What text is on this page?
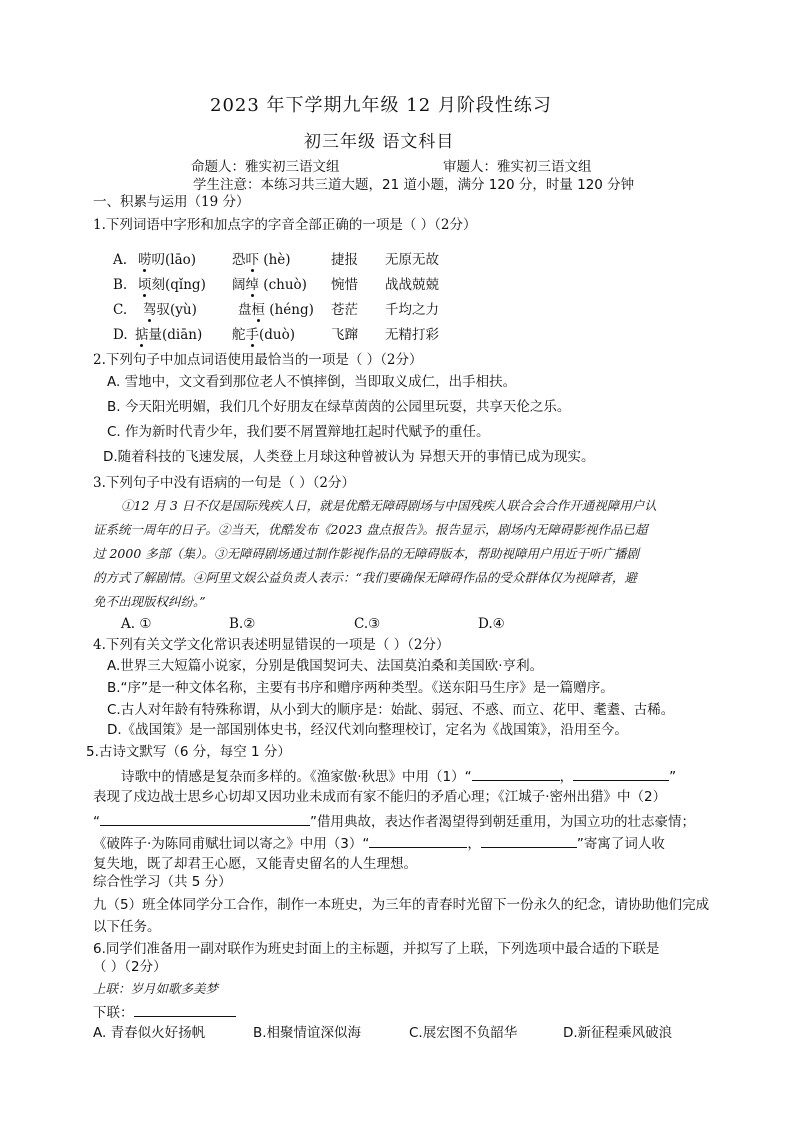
2023 年下学期九年级 12 月阶段性练习
初三年级 语文科目
命题人：雅实初三语文组	审题人：雅实初三语文组
学生注意：本练习共三道大题，21 道小题，满分 120 分，时量 120 分钟
一、积累与运用（19 分）
1.下列词语中字形和加点字的字音全部正确的一项是（ ）（2分）
A. 唠叨(lāo)	恐吓 (hè)	捷报 无原无故
B. 顷刻(qǐng) 阔绰 (chuò) 惋惜 战战兢兢
C. 驾驭(yù)	盘桓 (héng) 苍茫 千均之力
D. 掂量(diān) 舵手(duò)	飞蹿 无精打彩
2.下列句子中加点词语使用最恰当的一项是（ ）（2分）
A. 雪地中，文文看到那位老人不慎摔倒，当即取义成仁，出手相扶。
B. 今天阳光明媚，我们几个好朋友在绿草茵茵的公园里玩耍，共享天伦之乐。
C. 作为新时代青少年，我们要不屑置辩地扛起时代赋予的重任。
D.随着科技的飞速发展，人类登上月球这种曾被认为 异想天开的事情已成为现实。
3.下列句子中没有语病的一句是（ ）（2分）
①12 月 3 日不仅是国际残疾人日，就是优酷无障碍剧场与中国残疾人联合会合作开通视障用户认
证系统一周年的日子。②当天，优酷发布《2023 盘点报告》。报告显示，剧场内无障碍影视作品已超
过 2000 多部（集）。③无障碍剧场通过制作影视作品的无障碍版本，帮助视障用户用近于听广播剧
的方式了解剧情。④阿里文娱公益负责人表示：“我们要确保无障碍作品的受众群体仅为视障者，避
免不出现版权纠纷。”
A. ①	B.②	C.③	D.④
4.下列有关文学文化常识表述明显错误的一项是（ ）（2分）
A.世界三大短篇小说家，分别是俄国契诃夫、法国莫泊桑和美国欧·亨利。
B.“序”是一种文体名称，主要有书序和赠序两种类型。《送东阳马生序》是一篇赠序。
C.古人对年龄有特殊称谓，从小到大的顺序是：始龀、弱冠、不惑、而立、花甲、耄耋、古稀。
D.《战国策》是一部国别体史书，经汉代刘向整理校订，定名为《战国策》，沿用至今。
5.古诗文默写（6 分，每空 1 分）
诗歌中的情感是复杂而多样的。《渔家傲·秋思》中用（1）“	，	”
表现了戍边战士思乡心切却又因功业未成而有家不能归的矛盾心理；《江城子·密州出猎》中（2）
“	”借用典故，表达作者渴望得到朝廷重用，为国立功的壮志豪情；
《破阵子·为陈同甫赋壮词以寄之》中用（3）“	，	”寄寓了词人收
复失地，既了却君王心愿，又能青史留名的人生理想。
综合性学习（共 5 分）
九（5）班全体同学分工合作，制作一本班史，为三年的青春时光留下一份永久的纪念，请协助他们完成
以下任务。
6.同学们准备用一副对联作为班史封面上的主标题，并拟写了上联，下列选项中最合适的下联是
（ ）（2分）
上联：岁月如歌多美梦
下联：
A. 青春似火好扬帆	B.相聚情谊深似海	C.展宏图不负韶华	D.新征程乘风破浪
